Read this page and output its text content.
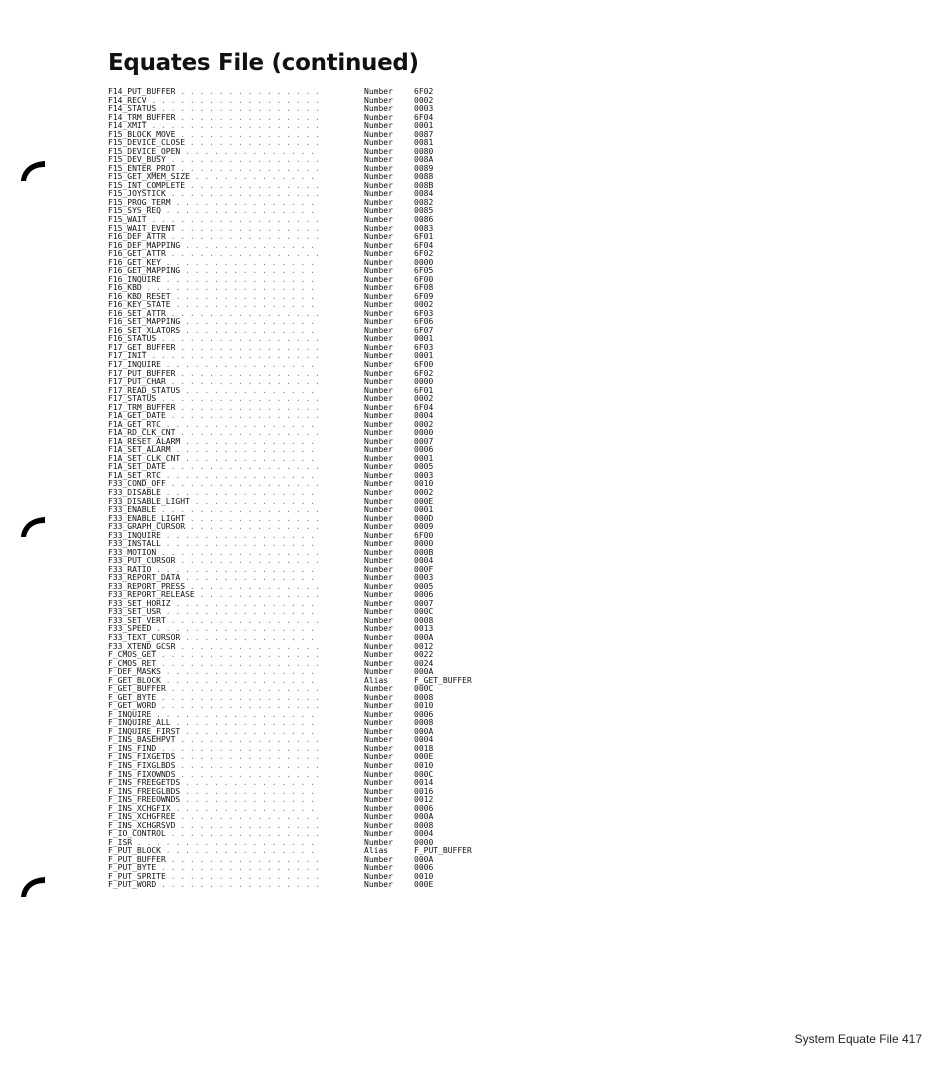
Equates File (continued)
F14_PUT_BUFFER . .	Number	6F02
F14_RECV . .	Number	0002
F14_STATUS . .	Number	0003
F14_TRM_BUFFER . .	Number	6F04
F14_XMIT . .	Number	0001
F15_BLOCK_MOVE . .	Number	0087
F15_DEVICE_CLOSE . .	Number	0081
F15_DEVICE_OPEN . .	Number	0080
F15_DEV_BUSY . .	Number	008A
F15_ENTER_PROT . .	Number	0089
F15_GET_XMEM_SIZE . .	Number	0088
F15_INT_COMPLETE . .	Number	008B
F15_JOYSTICK . .	Number	0084
F15_PROG_TERM . .	Number	0082
F15_SYS_REQ . .	Number	0085
F15_WAIT . .	Number	0086
F15_WAIT_EVENT . .	Number	0083
F16_DEF_ATTR . .	Number	6F01
F16_DEF_MAPPING . .	Number	6F04
F16_GET_ATTR . .	Number	6F02
F16_GET_KEY . .	Number	0000
F16_GET_MAPPING . .	Number	6F05
F16_INQUIRE . .	Number	6F00
F16_KBD . .	Number	6F08
F16_KBD_RESET . .	Number	6F09
F16_KEY_STATE . .	Number	0002
F16_SET_ATTR . .	Number	6F03
F16_SET_MAPPING . .	Number	6F06
F16_SET_XLATORS . .	Number	6F07
F16_STATUS . .	Number	0001
F17_GET_BUFFER . .	Number	6F03
F17_INIT . .	Number	0001
F17_INQUIRE . .	Number	6F00
F17_PUT_BUFFER . .	Number	6F02
F17_PUT_CHAR . .	Number	0000
F17_READ_STATUS . .	Number	6F01
F17_STATUS . .	Number	0002
F17_TRM_BUFFER . .	Number	6F04
F1A_GET_DATE . .	Number	0004
F1A_GET_RTC . .	Number	0002
F1A_RD_CLK_CNT . .	Number	0000
F1A_RESET_ALARM . .	Number	0007
F1A_SET_ALARM . .	Number	0006
F1A_SET_CLK_CNT . .	Number	0001
F1A_SET_DATE . .	Number	0005
F1A_SET_RTC . .	Number	0003
F33_COND_OFF . .	Number	0010
F33_DISABLE . .	Number	0002
F33_DISABLE_LIGHT . .	Number	000E
F33_ENABLE . .	Number	0001
F33_ENABLE_LIGHT . .	Number	000D
F33_GRAPH_CURSOR . .	Number	0009
F33_INQUIRE . .	Number	6F00
F33_INSTALL . .	Number	0000
F33_MOTION . .	Number	000B
F33_PUT_CURSOR . .	Number	0004
F33_RATIO . .	Number	000F
F33_REPORT_DATA . .	Number	0003
F33_REPORT_PRESS . .	Number	0005
F33_REPORT_RELEASE . .	Number	0006
F33_SET_HORIZ . .	Number	0007
F33_SET_USR . .	Number	000C
F33_SET_VERT . .	Number	0008
F33_SPEED . .	Number	0013
F33_TEXT_CURSOR . .	Number	000A
F33_XTEND_GCSR . .	Number	0012
F_CMOS_GET . .	Number	0022
F_CMOS_RET . .	Number	0024
F_DEF_MASKS . .	Number	000A
F_GET_BLOCK . .	Alias	F_GET_BUFFER
F_GET_BUFFER . .	Number	000C
F_GET_BYTE . .	Number	0008
F_GET_WORD . .	Number	0010
F_INQUIRE . .	Number	0006
F_INQUIRE_ALL . .	Number	0008
F_INQUIRE_FIRST . .	Number	000A
F_INS_BASEHPVT . .	Number	0004
F_INS_FIND . .	Number	0018
F_INS_FIXGETDS . .	Number	000E
F_INS_FIXGLBDS . .	Number	0010
F_INS_FIXOWNDS . .	Number	000C
F_INS_FREEGETDS . .	Number	0014
F_INS_FREEGLBDS . .	Number	0016
F_INS_FREEOWNDS . .	Number	0012
F_INS_XCHGFIX . .	Number	0006
F_INS_XCHGFREE . .	Number	000A
F_INS_XCHGRSVD . .	Number	0008
F_IO_CONTROL . .	Number	0004
F_ISR . .	Number	0000
F_PUT_BLOCK . .	Alias	F_PUT_BUFFER
F_PUT_BUFFER . .	Number	000A
F_PUT_BYTE . .	Number	0006
F_PUT_SPRITE . .	Number	0010
F_PUT_WORD . .	Number	000E
System Equate File 417
